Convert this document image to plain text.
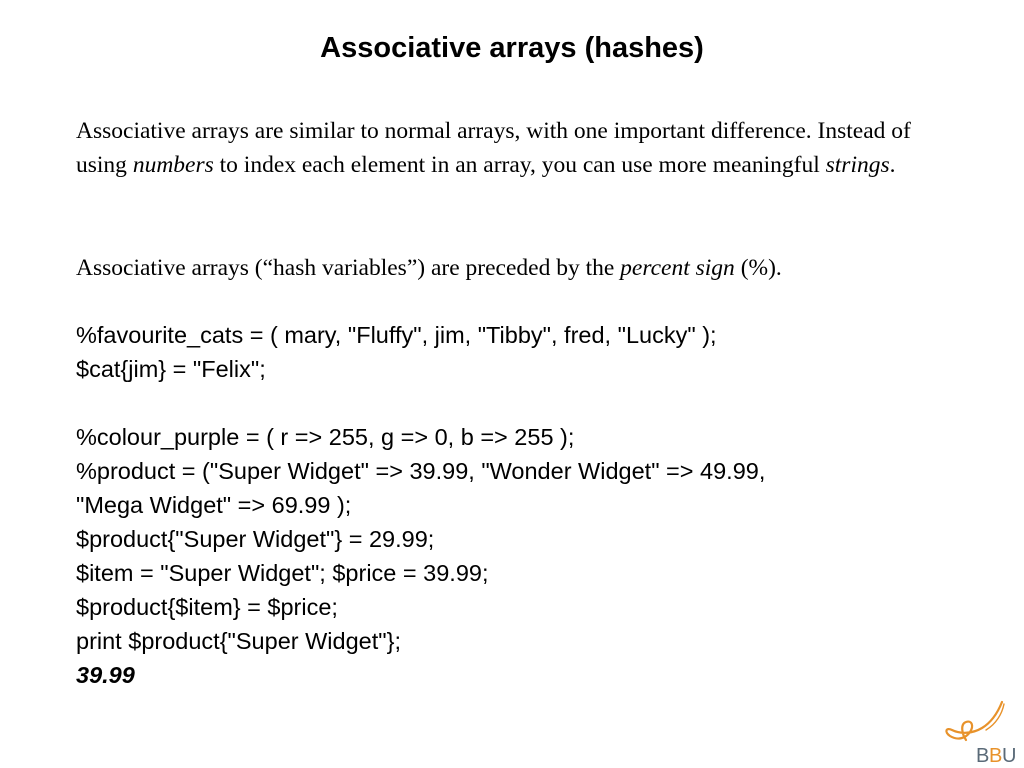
Associative arrays (hashes)

Associative arrays are similar to normal arrays, with one important difference. Instead of using numbers to index each element in an array, you can use more meaningful strings.

Associative arrays (“hash variables”) are preceded by the percent sign (%).

%favourite_cats = ( mary, "Fluffy", jim, "Tibby", fred, "Lucky" );
$cat{jim} = "Felix";
%colour_purple = ( r => 255, g => 0, b => 255 );
%product = ("Super Widget" => 39.99, "Wonder Widget" => 49.99,
"Mega Widget" => 69.99 );
$product{"Super Widget"} = 29.99;
$item = "Super Widget"; $price = 39.99;
$product{$item} = $price;
print $product{"Super Widget"};
39.99
B B U
